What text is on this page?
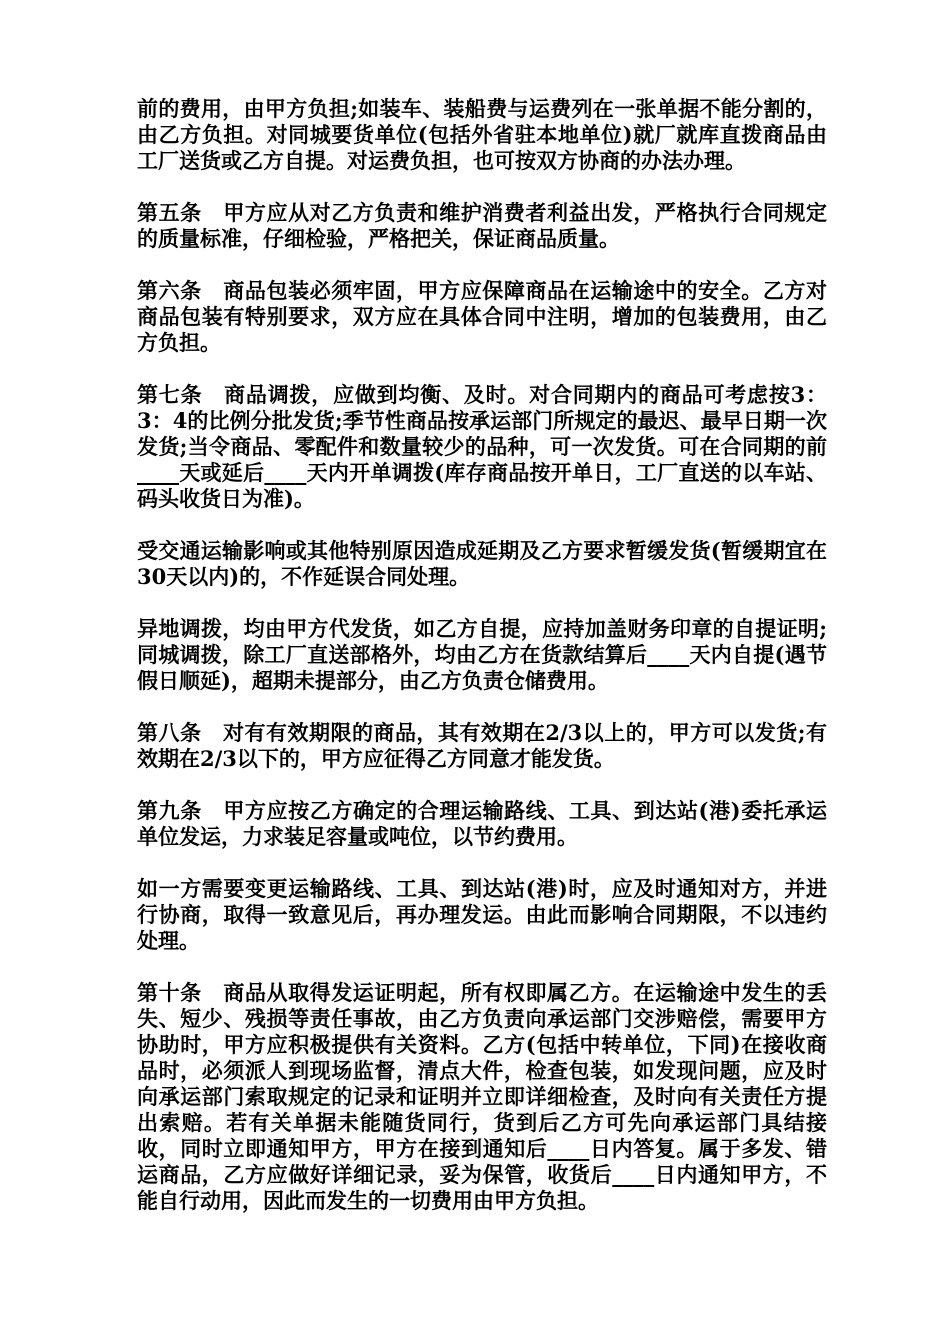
前的费用，由甲方负担;如装车、装船费与运费列在一张单据不能分割的，由乙方负担。对同城要货单位(包括外省驻本地单位)就厂就库直拨商品由工厂送货或乙方自提。对运费负担，也可按双方协商的办法办理。

第五条　甲方应从对乙方负责和维护消费者利益出发，严格执行合同规定的质量标准，仔细检验，严格把关，保证商品质量。

第六条　商品包装必须牢固，甲方应保障商品在运输途中的安全。乙方对商品包装有特别要求，双方应在具体合同中注明，增加的包装费用，由乙方负担。

第七条　商品调拨，应做到均衡、及时。对合同期内的商品可考虑按3：3：4的比例分批发货;季节性商品按承运部门所规定的最迟、最早日期一次发货;当令商品、零配件和数量较少的品种，可一次发货。可在合同期的前____天或延后____天内开单调拨(库存商品按开单日，工厂直送的以车站、码头收货日为准)。

受交通运输影响或其他特别原因造成延期及乙方要求暂缓发货(暂缓期宜在30天以内)的，不作延误合同处理。

异地调拨，均由甲方代发货，如乙方自提，应持加盖财务印章的自提证明;同城调拨，除工厂直送部格外，均由乙方在货款结算后____天内自提(遇节假日顺延)，超期未提部分，由乙方负责仓储费用。

第八条　对有有效期限的商品，其有效期在2/3以上的，甲方可以发货;有效期在2/3以下的，甲方应征得乙方同意才能发货。

第九条　甲方应按乙方确定的合理运输路线、工具、到达站(港)委托承运单位发运，力求装足容量或吨位，以节约费用。

如一方需要变更运输路线、工具、到达站(港)时，应及时通知对方，并进行协商，取得一致意见后，再办理发运。由此而影响合同期限，不以违约处理。

第十条　商品从取得发运证明起，所有权即属乙方。在运输途中发生的丢失、短少、残损等责任事故，由乙方负责向承运部门交涉赔偿，需要甲方协助时，甲方应积极提供有关资料。乙方(包括中转单位，下同)在接收商品时，必须派人到现场监督，清点大件，检查包装，如发现问题，应及时向承运部门索取规定的记录和证明并立即详细检查，及时向有关责任方提出索赔。若有关单据未能随货同行，货到后乙方可先向承运部门具结接收，同时立即通知甲方，甲方在接到通知后____日内答复。属于多发、错运商品，乙方应做好详细记录，妥为保管，收货后____日内通知甲方，不能自行动用，因此而发生的一切费用由甲方负担。
